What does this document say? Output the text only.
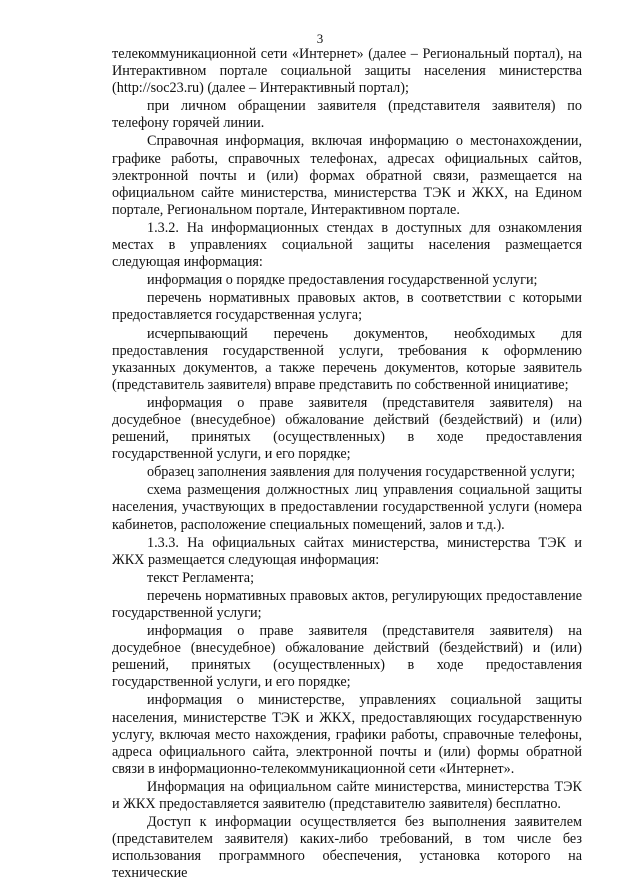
3

телекоммуникационной сети «Интернет» (далее – Региональный портал), на Интерактивном портале социальной защиты населения министерства (http://soc23.ru) (далее – Интерактивный портал);

при личном обращении заявителя (представителя заявителя) по телефону горячей линии.

Справочная информация, включая информацию о местонахождении, графике работы, справочных телефонах, адресах официальных сайтов, электронной почты и (или) формах обратной связи, размещается на официальном сайте министерства, министерства ТЭК и ЖКХ, на Едином портале, Региональном портале, Интерактивном портале.

1.3.2. На информационных стендах в доступных для ознакомления местах в управлениях социальной защиты населения размещается следующая информация:

информация о порядке предоставления государственной услуги;

перечень нормативных правовых актов, в соответствии с которыми предоставляется государственная услуга;

исчерпывающий перечень документов, необходимых для предоставления государственной услуги, требования к оформлению указанных документов, а также перечень документов, которые заявитель (представитель заявителя) вправе представить по собственной инициативе;

информация о праве заявителя (представителя заявителя) на досудебное (внесудебное) обжалование действий (бездействий) и (или) решений, принятых (осуществленных) в ходе предоставления государственной услуги, и его порядке;

образец заполнения заявления для получения государственной услуги;

схема размещения должностных лиц управления социальной защиты населения, участвующих в предоставлении государственной услуги (номера кабинетов, расположение специальных помещений, залов и т.д.).

1.3.3. На официальных сайтах министерства, министерства ТЭК и ЖКХ размещается следующая информация:

текст Регламента;

перечень нормативных правовых актов, регулирующих предоставление государственной услуги;

информация о праве заявителя (представителя заявителя) на досудебное (внесудебное) обжалование действий (бездействий) и (или) решений, принятых (осуществленных) в ходе предоставления государственной услуги, и его порядке;

информация о министерстве, управлениях социальной защиты населения, министерстве ТЭК и ЖКХ, предоставляющих государственную услугу, включая место нахождения, графики работы, справочные телефоны, адреса официального сайта, электронной почты и (или) формы обратной связи в информационно-телекоммуникационной сети «Интернет».

Информация на официальном сайте министерства, министерства ТЭК и ЖКХ предоставляется заявителю (представителю заявителя) бесплатно.

Доступ к информации осуществляется без выполнения заявителем (представителем заявителя) каких-либо требований, в том числе без использования программного обеспечения, установка которого на технические
